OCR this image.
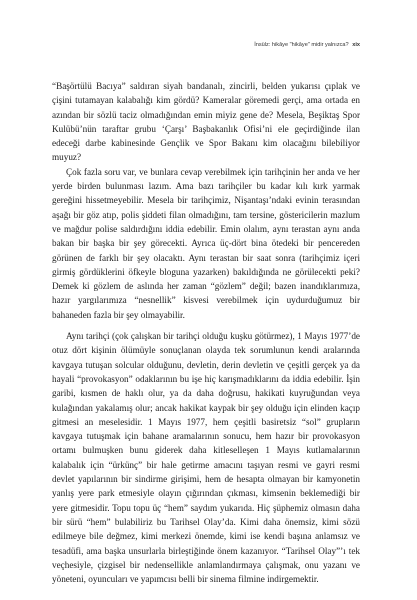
İnsülz: hikâye "hikâye" midir yalnızca? xix

“Başörtülü Bacıya” saldıran siyah bandanalı, zincirli, belden yukarısı çıplak ve çişini tutamayan kalabalığı kim gördü? Kameralar göremedi gerçi, ama ortada en azından bir sözlü taciz olmadığından emin miyiz gene de? Mesela, Beşiktaş Spor Kulübü’nün taraftar grubu ‘Çarşı’ Başbakanlık Ofisi’ni ele geçirdiğinde ilan edeceği darbe kabinesinde Gençlik ve Spor Bakanı kim olacağını bilebiliyor muyuz?

Çok fazla soru var, ve bunlara cevap verebilmek için tarihçinin her anda ve her yerde birden bulunması lazım. Ama bazı tarihçiler bu kadar kılı kırk yarmak gereğini hissetmeyebilir. Mesela bir tarihçimiz, Nişantaşı’ndaki evinin terasından aşağı bir göz atıp, polis şiddeti filan olmadığını, tam tersine, göstericilerin mazlum ve mağdur polise saldırdığını iddia edebilir. Emin olalım, aynı terastan aynı anda bakan bir başka bir şey görecekti. Ayrıca üç-dört bina ötedeki bir pencereden görünen de farklı bir şey olacaktı. Aynı terastan bir saat sonra (tarihçimiz içeri girmiş gördüklerini öfkeyle bloguna yazarken) bakıldığında ne görülecekti peki? Demek ki gözlem de aslında her zaman “gözlem” değil; bazen inandıklarımıza, hazır yargılarımıza “nesnellik” kisvesi verebilmek için uydurduğumuz bir bahaneden fazla bir şey olmayabilir.

Aynı tarihçi (çok çalışkan bir tarihçi olduğu kuşku götürmez), 1 Mayıs 1977’de otuz dört kişinin ölümüyle sonuçlanan olayda tek sorumlunun kendi aralarında kavgaya tutuşan solcular olduğunu, devletin, derin devletin ve çeşitli gerçek ya da hayali “provokasyon” odaklarının bu işe hiç karışmadıklarını da iddia edebilir. İşin garibi, kısmen de haklı olur, ya da daha doğrusu, hakikati kuyruğundan veya kulağından yakalamış olur; ancak hakikat kaypak bir şey olduğu için elinden kaçıp gitmesi an meselesidir. 1 Mayıs 1977, hem çeşitli basiretsiz “sol” grupların kavgaya tutuşmak için bahane aramalarının sonucu, hem hazır bir provokasyon ortamı bulmuşken bunu giderek daha kitleselleşen 1 Mayıs kutlamalarının kalabalık için “ürkünç” bir hale getirme amacını taşıyan resmi ve gayri resmi devlet yapılarının bir sindirme girişimi, hem de hesapta olmayan bir kamyonetin yanlış yere park etmesiyle olayın çığırından çıkması, kimsenin beklemediği bir yere gitmesidir. Topu topu üç “hem” saydım yukarıda. Hiç şüphemiz olmasın daha bir sürü “hem” bulabiliriz bu Tarihsel Olay’da. Kimi daha önemsiz, kimi sözü edilmeye bile değmez, kimi merkezi önemde, kimi ise kendi başına anlamsız ve tesadüfi, ama başka unsurlarla birleştiğinde önem kazanıyor. “Tarihsel Olay”’ı tek veçhesiyle, çizgisel bir nedensellikle anlamlandırmaya çalışmak, onu yazanı ve yöneteni, oyuncuları ve yapımcısı belli bir sinema filmine indirgemektir.
